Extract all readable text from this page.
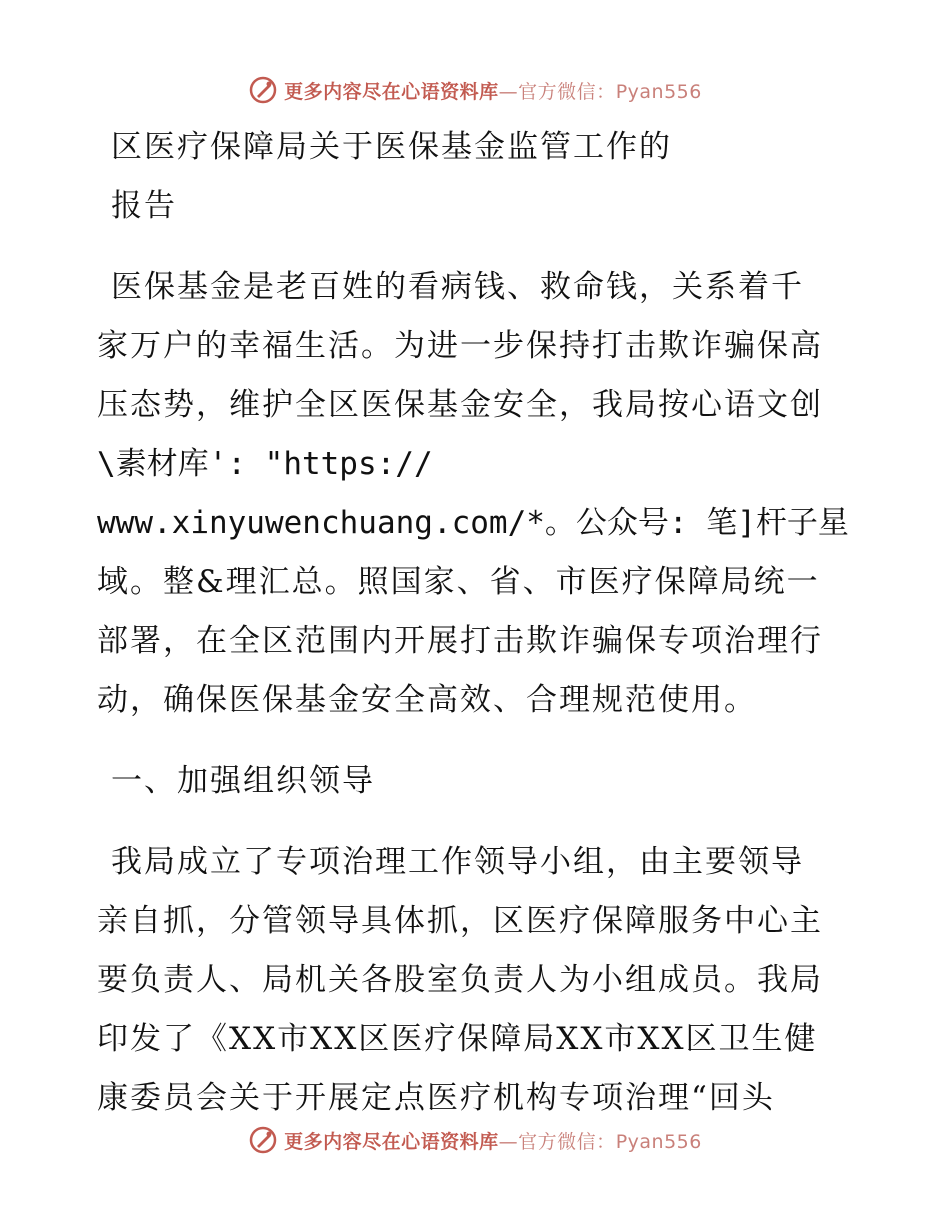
更多内容尽在心语资料库—官方微信：Pyan556
区医疗保障局关于医保基金监管工作的
报告
医保基金是老百姓的看病钱、救命钱，关系着千
家万户的幸福生活。为进一步保持打击欺诈骗保高
压态势，维护全区医保基金安全，我局按心语文创
\素材库': "https://
www.xinyuwenchuang.com/*。公众号: 笔]杆子星
域。整&理汇总。照国家、省、市医疗保障局统一
部署，在全区范围内开展打击欺诈骗保专项治理行
动，确保医保基金安全高效、合理规范使用。
一、加强组织领导
我局成立了专项治理工作领导小组，由主要领导
亲自抓，分管领导具体抓，区医疗保障服务中心主
要负责人、局机关各股室负责人为小组成员。我局
印发了《XX市XX区医疗保障局XX市XX区卫生健
康委员会关于开展定点医疗机构专项治理“回头
更多内容尽在心语资料库—官方微信：Pyan556
